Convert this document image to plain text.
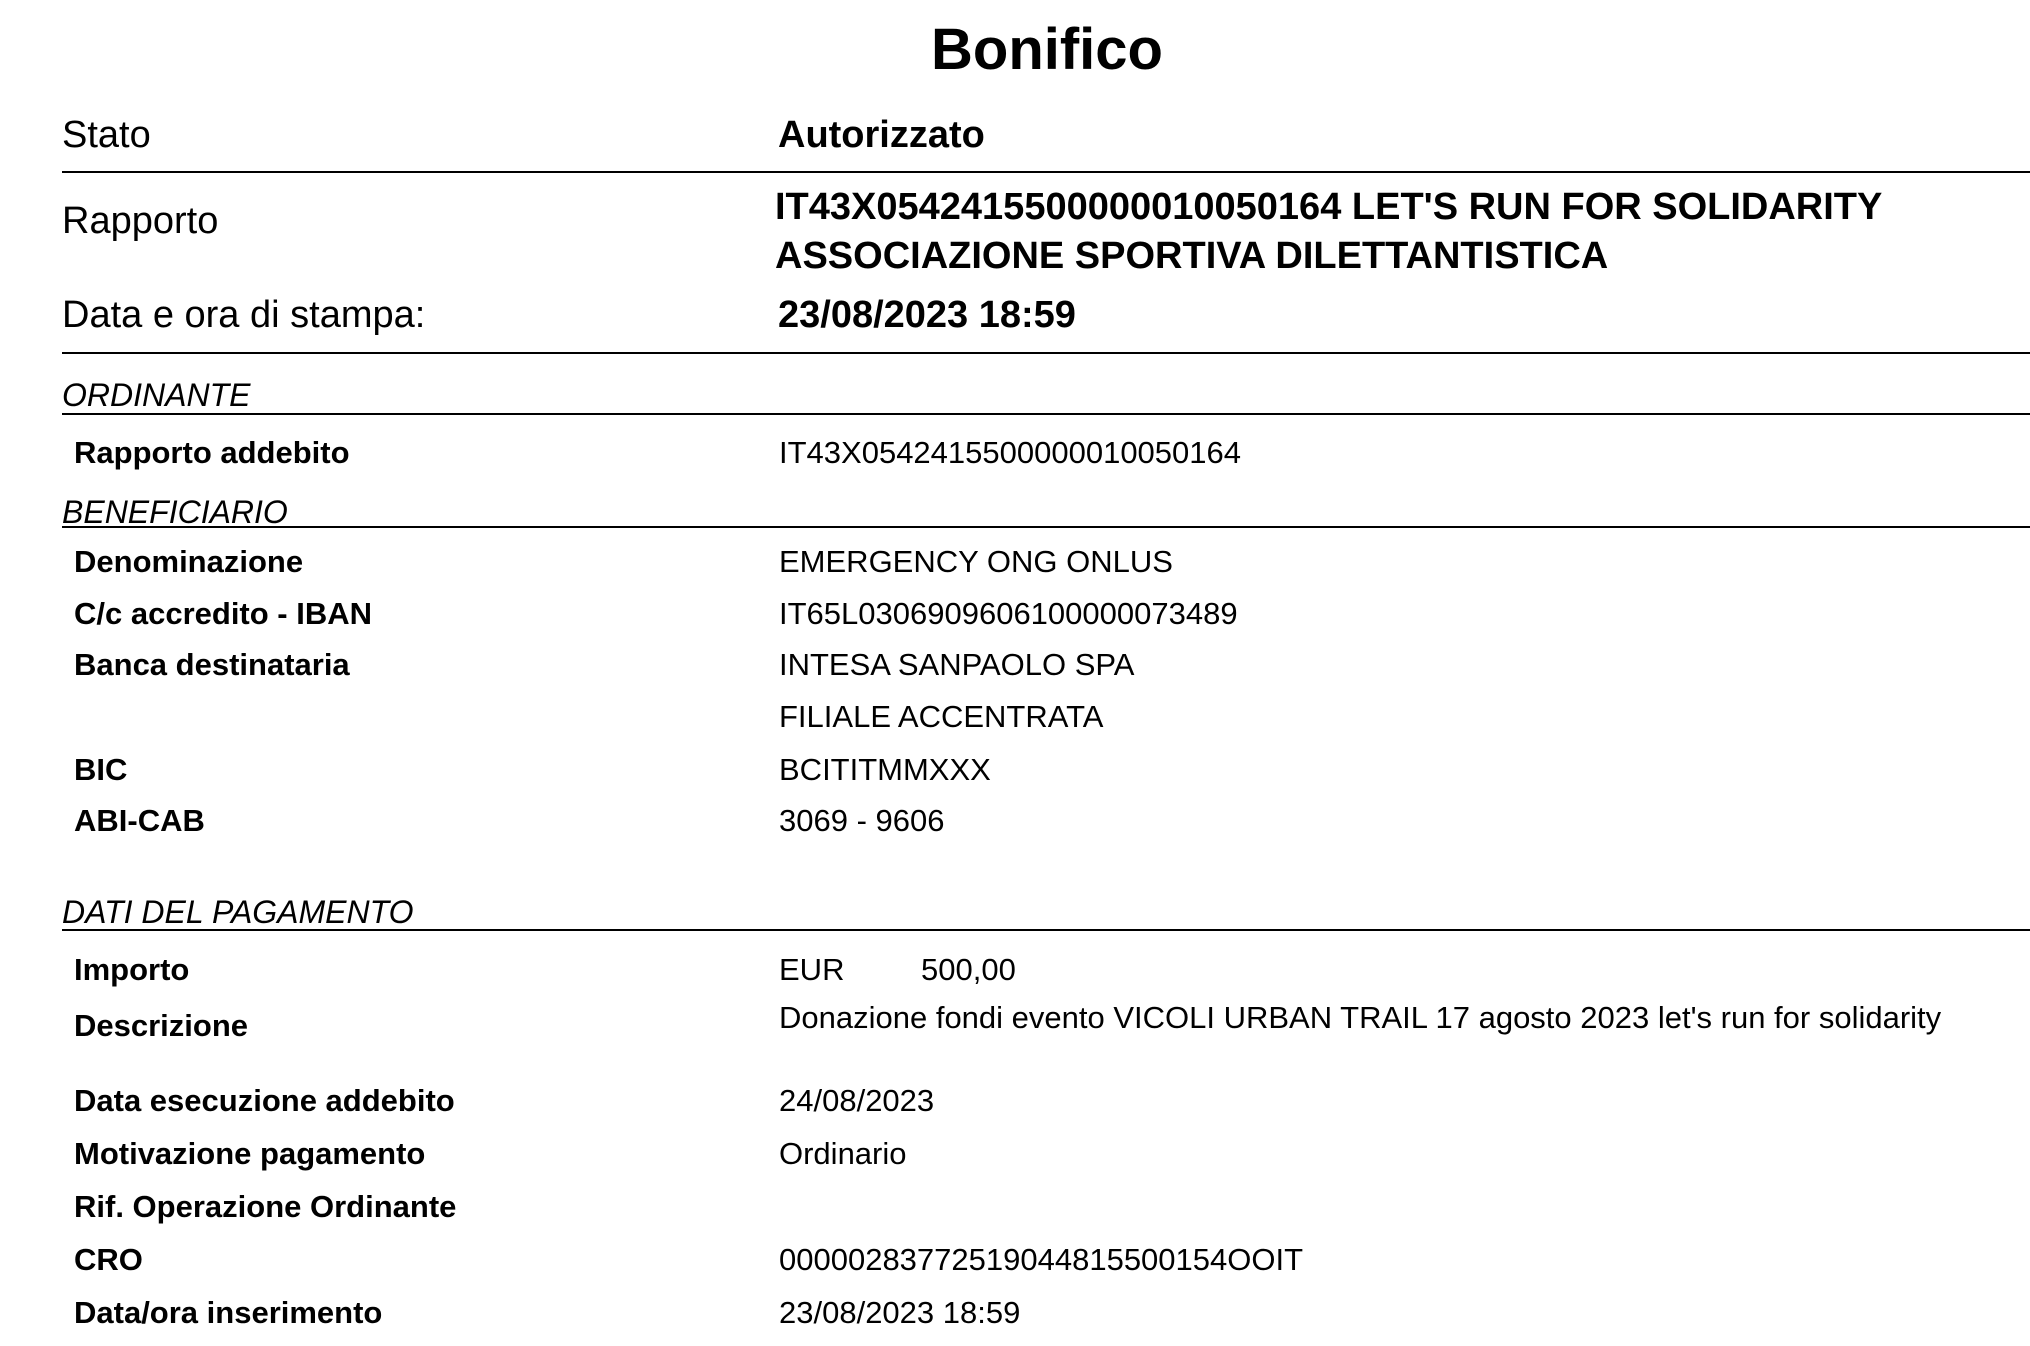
Bonifico
Stato	Autorizzato
Rapporto	IT43X0542415500000010050164 LET'S RUN FOR SOLIDARITY
ASSOCIAZIONE SPORTIVA DILETTANTISTICA
Data e ora di stampa:	23/08/2023 18:59
ORDINANTE
Rapporto addebito	IT43X0542415500000010050164
BENEFICIARIO
Denominazione	EMERGENCY ONG ONLUS
C/c accredito - IBAN	IT65L0306909606100000073489
Banca destinataria	INTESA SANPAOLO SPA
FILIALE ACCENTRATA
BIC	BCITITMMXXX
ABI-CAB	3069 - 9606
DATI DEL PAGAMENTO
Importo	EUR 500,00
Descrizione	Donazione fondi evento VICOLI URBAN TRAIL 17 agosto 2023 let's run for solidarity
Data esecuzione addebito	24/08/2023
Motivazione pagamento	Ordinario
Rif. Operazione Ordinante
CRO	00000283772519044815500154OOIT
Data/ora inserimento	23/08/2023 18:59
